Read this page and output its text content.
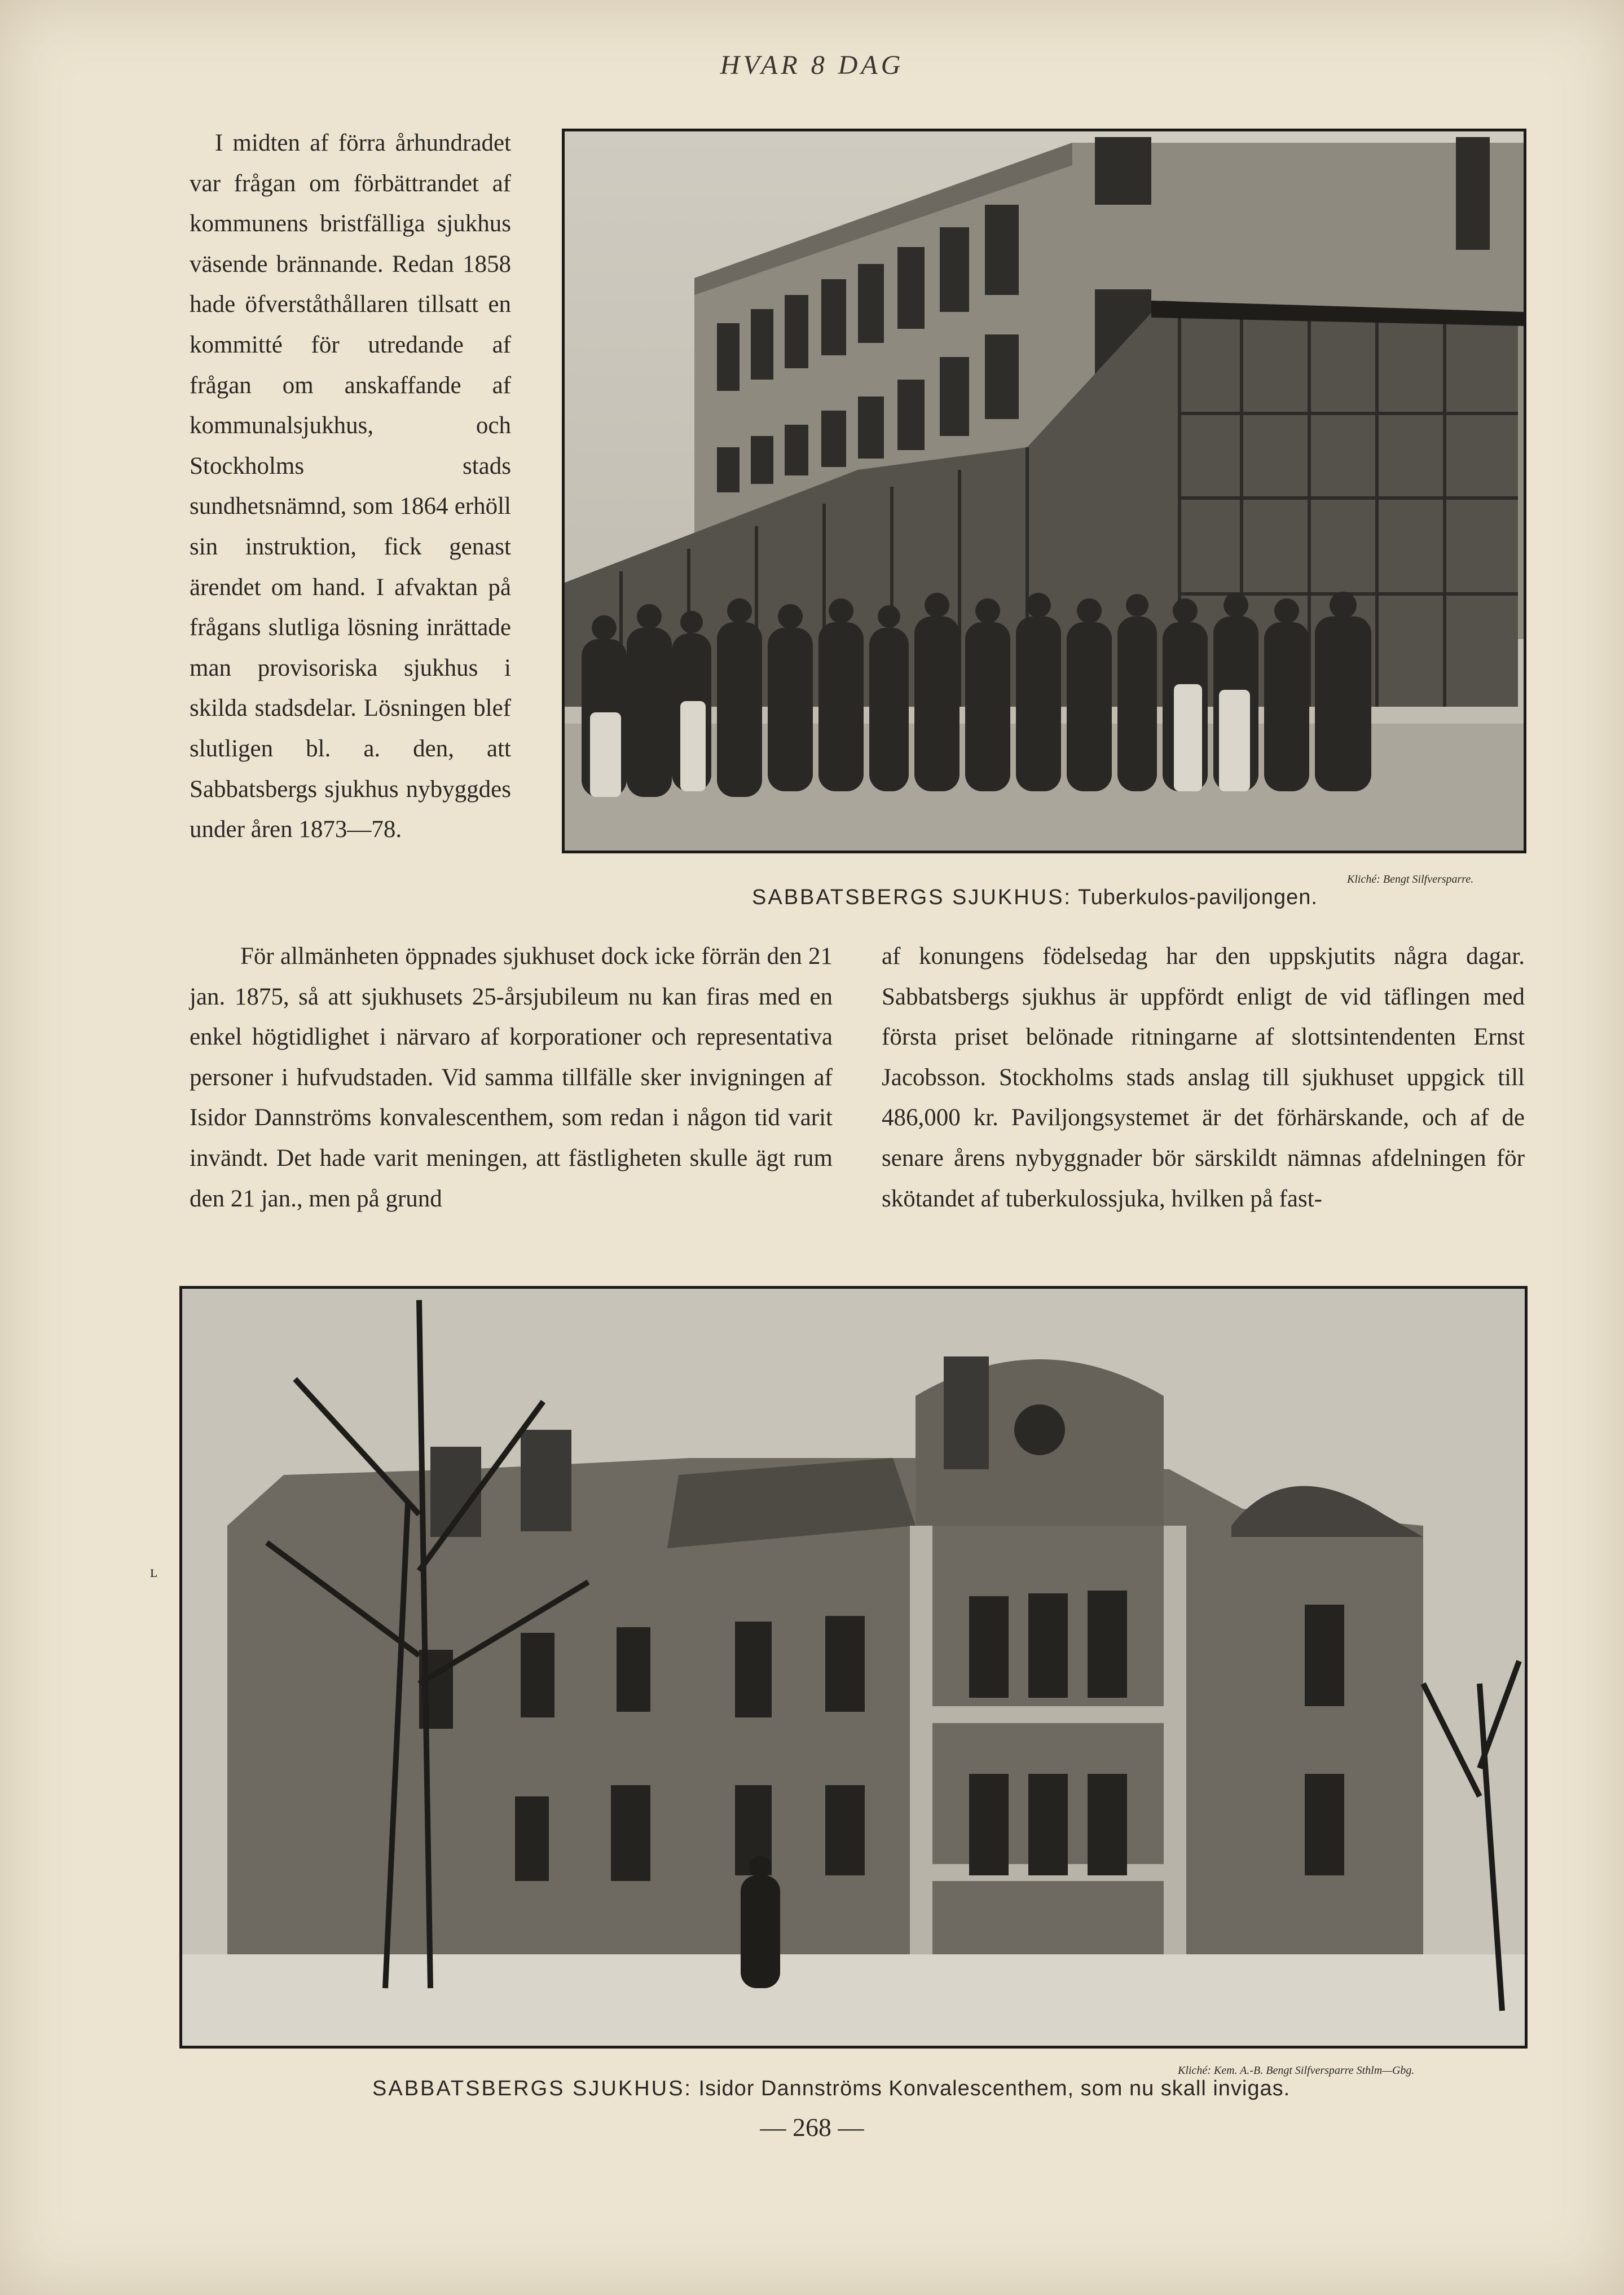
HVAR 8 DAG

I midten af förra århundradet var frågan om förbättrandet af kommunens bristfälliga sjukhus väsende brännande. Redan 1858 hade öfverståthållaren tillsatt en kommitté för utredande af frågan om anskaffande af kommunalsjukhus, och Stockholms stads sundhetsnämnd, som 1864 erhöll sin instruktion, fick genast ärendet om hand. I afvaktan på frågans slutliga lösning inrättade man provisoriska sjukhus i skilda stadsdelar. Lösningen blef slutligen bl. a. den, att Sabbatsbergs sjukhus nybyggdes under åren 1873—78.

Kliché: Bengt Silfversparre.
SABBATSBERGS SJUKHUS: Tuberkulos-paviljongen.

För allmänheten öppnades sjukhuset dock icke förrän den 21 jan. 1875, så att sjukhusets 25-årsjubileum nu kan firas med en enkel högtidlighet i närvaro af korporationer och representativa personer i hufvudstaden. Vid samma tillfälle sker invigningen af Isidor Dannströms konvalescenthem, som redan i någon tid varit invändt. Det hade varit meningen, att fästligheten skulle ägt rum den 21 jan., men på grund

af konungens födelsedag har den uppskjutits några dagar. Sabbatsbergs sjukhus är uppfördt enligt de vid täflingen med första priset belönade ritningarne af slottsintendenten Ernst Jacobsson. Stockholms stads anslag till sjukhuset uppgick till 486,000 kr. Paviljongsystemet är det förhärskande, och af de senare årens nybyggnader bör särskildt nämnas afdelningen för skötandet af tuberkulossjuka, hvilken på fast-

ʟ
Kliché: Kem. A.-B. Bengt Silfversparre Sthlm—Gbg.
SABBATSBERGS SJUKHUS: Isidor Dannströms Konvalescenthem, som nu skall invigas.
— 268 —
